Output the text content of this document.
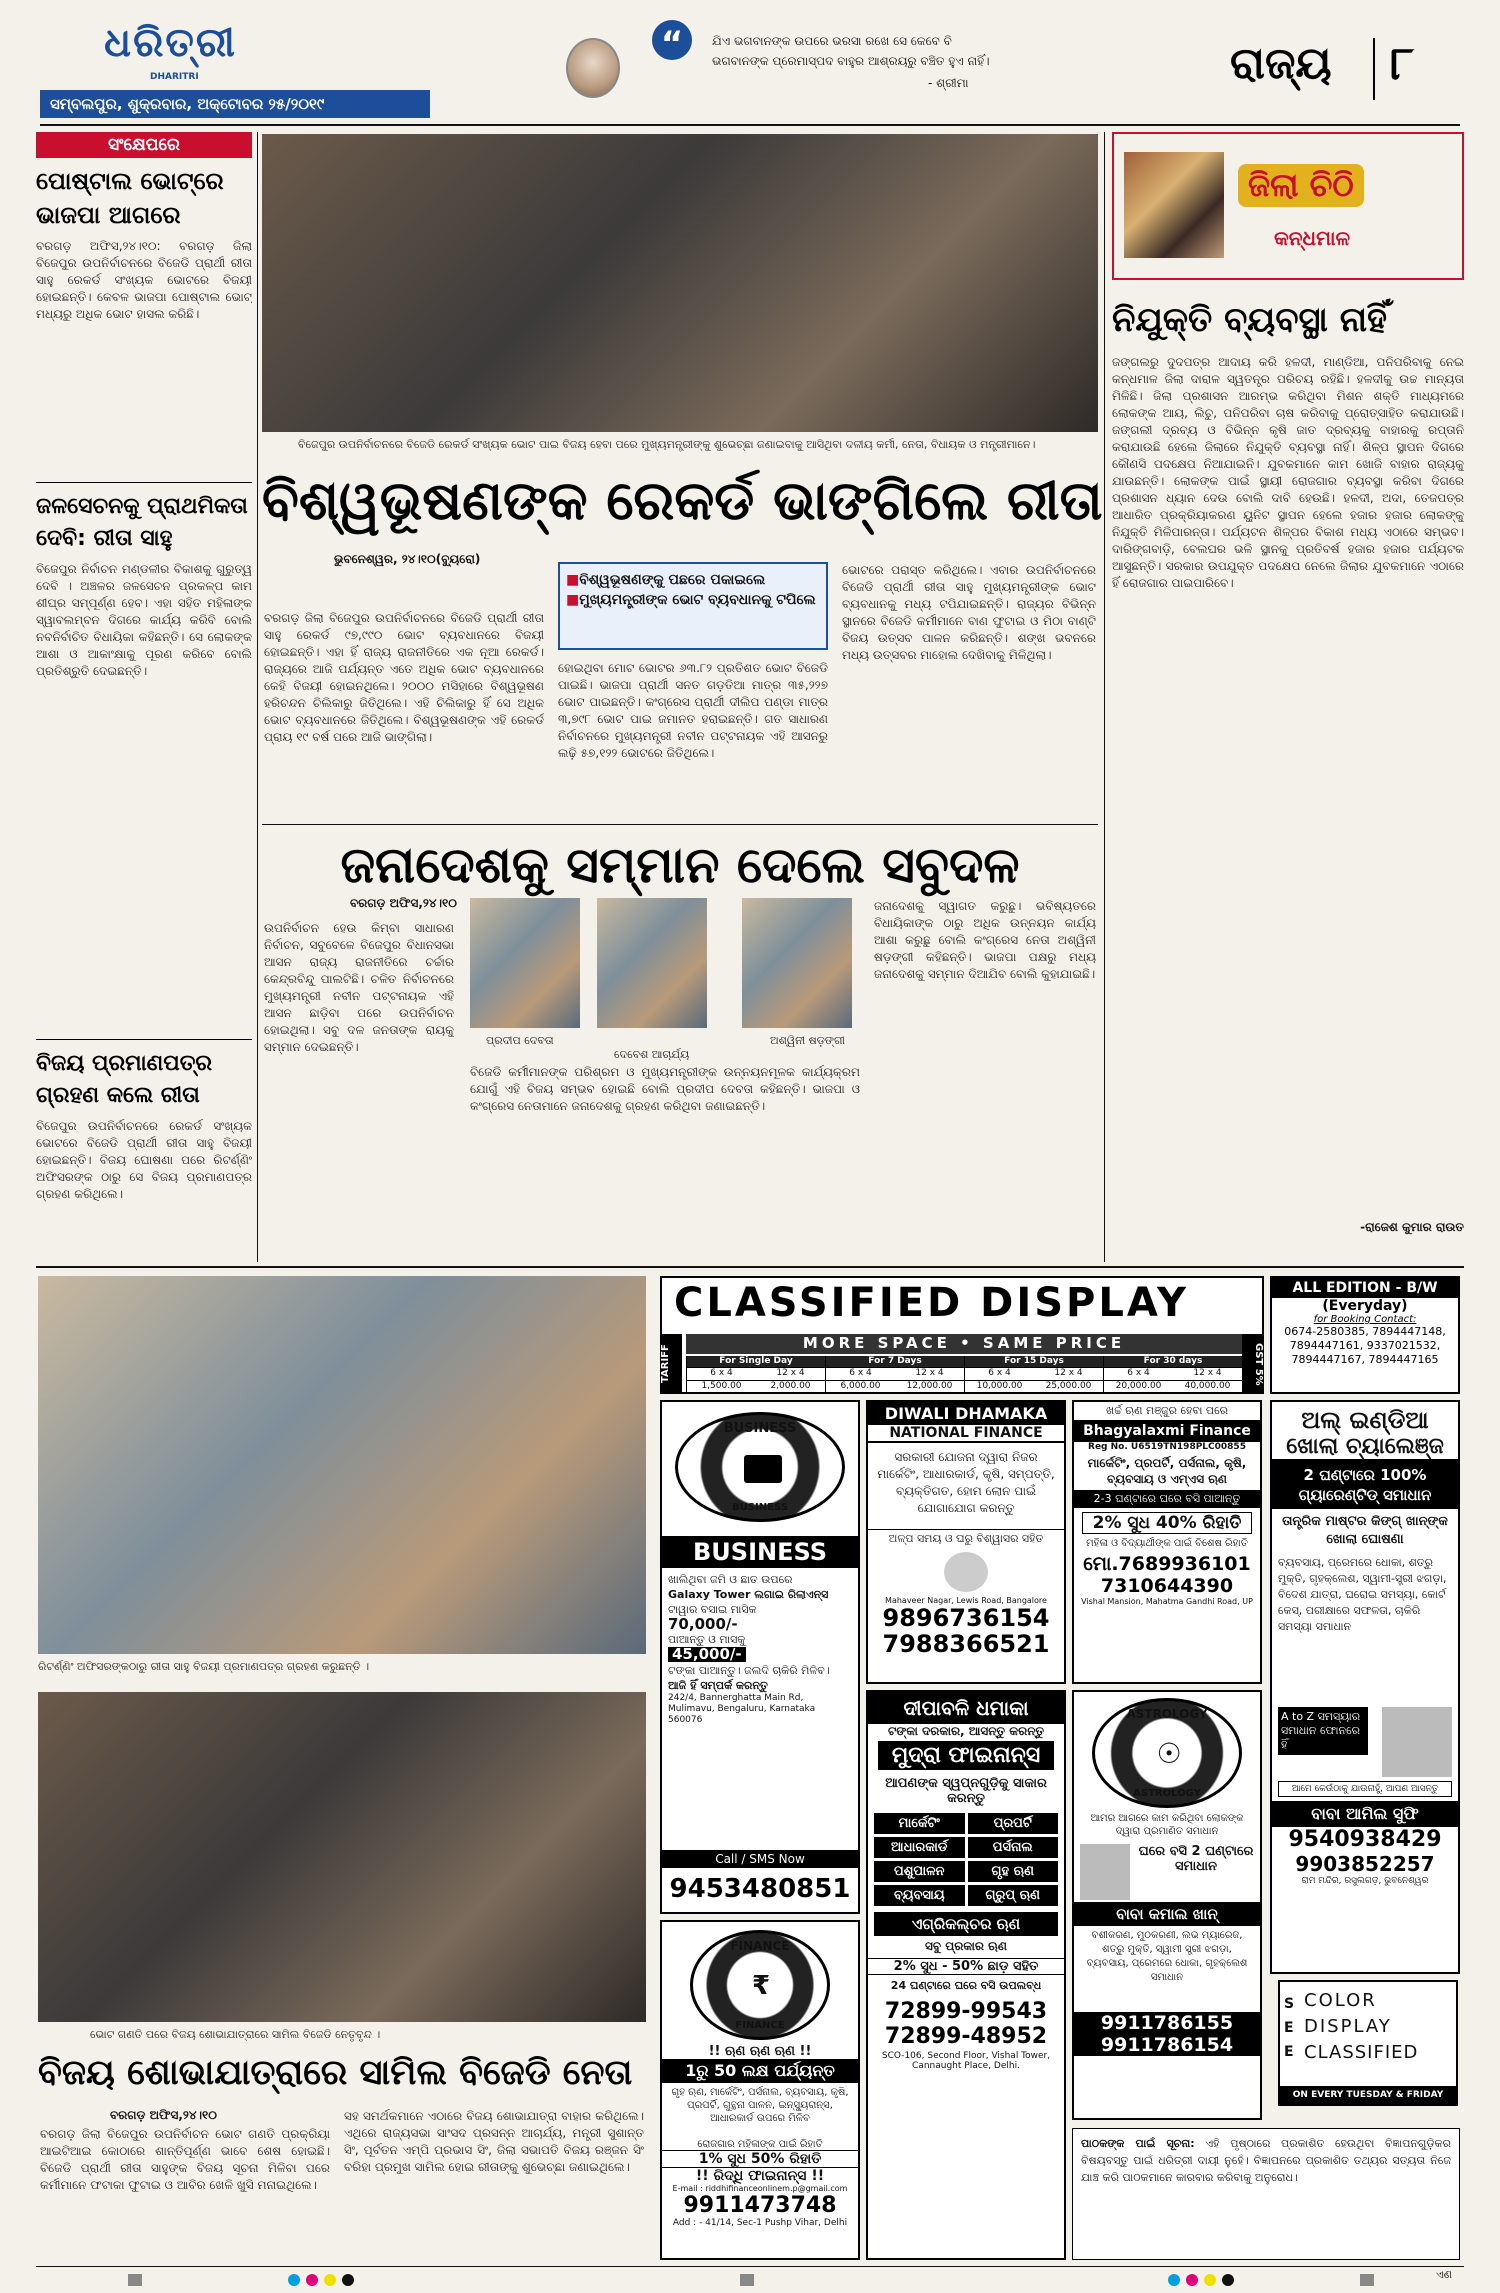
ଧରିତ୍ରୀ
DHARITRI
ସମ୍ବଲପୁର, ଶୁକ୍ରବାର, ଅକ୍ଟୋବର ୨୫/୨୦୧୯
“	ଯିଏ ଭଗବାନଙ୍କ ଉପରେ ଭରସା ରଖେ ସେ କେବେ ବି
ଭଗବାନଙ୍କ ପ୍ରେମାସ୍ପଦ ବାହୁର ଆଶ୍ରୟରୁ ବଞ୍ଚିତ ହୁଏ ନାହିଁ।
- ଶ୍ରୀମା	ରାଜ୍ୟ ୮
ସଂକ୍ଷେପରେ
ପୋଷ୍ଟାଲ ଭୋଟ୍‌ରେ ଭାଜପା ଆଗରେ
ବରଗଡ଼ ଅଫିସ,୨୪।୧୦: ବରଗଡ଼ ଜିଲା ବିଜେପୁର ଉପନିର୍ବାଚନରେ ବିଜେଡି ପ୍ରାର୍ଥୀ ରୀତା ସାହୁ ରେକର୍ଡ ସଂଖ୍ୟକ ଭୋଟରେ ବିଜୟୀ ହୋଇଛନ୍ତି। କେବଳ ଭାଜପା ପୋଷ୍ଟାଲ ଭୋଟ୍ ମଧ୍ୟରୁ ଅଧିକ ଭୋଟ ହାସଲ କରିଛି।
ଜଳସେଚନକୁ ପ୍ରାଥମିକତା ଦେବି: ରୀତା ସାହୁ
ବିଜେପୁର ନିର୍ବାଚନ ମଣ୍ଡଳୀର ବିକାଶକୁ ଗୁରୁତ୍ୱ ଦେବି । ଅଞ୍ଚଳର ଜଳସେଚନ ପ୍ରକଳ୍ପ କାମ ଶୀଘ୍ର ସମ୍ପୂର୍ଣ୍ଣ ହେବ। ଏହା ସହିତ ମହିଳାଙ୍କ ସ୍ୱାବଲମ୍ବନ ଦିଗରେ କାର୍ଯ୍ୟ କରିବି ବୋଲି ନବନିର୍ବାଚିତ ବିଧାୟିକା କହିଛନ୍ତି। ସେ ଲୋକଙ୍କ ଆଶା ଓ ଆକାଂକ୍ଷାକୁ ପୂରଣ କରିବେ ବୋଲି ପ୍ରତିଶ୍ରୁତି ଦେଇଛନ୍ତି।
ବିଜୟ ପ୍ରମାଣପତ୍ର ଗ୍ରହଣ କଲେ ରୀତା
ବିଜେପୁର ଉପନିର୍ବାଚନରେ ରେକର୍ଡ ସଂଖ୍ୟକ ଭୋଟରେ ବିଜେଡି ପ୍ରାର୍ଥୀ ରୀତା ସାହୁ ବିଜୟୀ ହୋଇଛନ୍ତି। ବିଜୟ ଘୋଷଣା ପରେ ରିଟର୍ଣ୍ଣିଂ ଅଫିସରଙ୍କ ଠାରୁ ସେ ବିଜୟ ପ୍ରମାଣପତ୍ର ଗ୍ରହଣ କରିଥିଲେ।
ବିଜେପୁର ଉପନିର୍ବାଚନରେ ବିଜେଡି ରେକର୍ଡ ସଂଖ୍ୟକ ଭୋଟ ପାଇ ବିଜୟ ହେବା ପରେ ମୁଖ୍ୟମନ୍ତ୍ରୀଙ୍କୁ ଶୁଭେଚ୍ଛା ଜଣାଇବାକୁ ଆସିଥିବା ଦଳୀୟ କର୍ମୀ, ନେତା, ବିଧାୟକ ଓ ମନ୍ତ୍ରୀମାନେ।
ବିଶ୍ୱଭୂଷଣଙ୍କ ରେକର୍ଡ ଭାଙ୍ଗିଲେ ରୀତା
ଭୁବନେଶ୍ୱର, ୨୪।୧୦(ବ୍ୟୁରୋ)
■ବିଶ୍ୱଭୂଷଣଙ୍କୁ ପଛରେ ପକାଇଲେ
■ମୁଖ୍ୟମନ୍ତ୍ରୀଙ୍କ ଭୋଟ ବ୍ୟବଧାନକୁ ଟପିଲେ
ବରଗଡ଼ ଜିଲା ବିଜେପୁର ଉପନିର୍ବାଚନରେ ବିଜେଡି ପ୍ରାର୍ଥୀ ରୀତା ସାହୁ ରେକର୍ଡ ୯୭,୯୯୦ ଭୋଟ ବ୍ୟବଧାନରେ ବିଜୟୀ ହୋଇଛନ୍ତି। ଏହା ହିଁ ରାଜ୍ୟ ରାଜନୀତିରେ ଏକ ନୂଆ ରେକର୍ଡ। ରାଜ୍ୟରେ ଆଜି ପର୍ଯ୍ୟନ୍ତ ଏତେ ଅଧିକ ଭୋଟ ବ୍ୟବଧାନରେ କେହି ବିଜୟୀ ହୋଇନଥିଲେ। ୨୦୦୦ ମସିହାରେ ବିଶ୍ୱଭୂଷଣ ହରିଚନ୍ଦନ ଚିଲିକାରୁ ଜିତିଥିଲେ। ଏହି ଚିଲିକାରୁ ହିଁ ସେ ଅଧିକ ଭୋଟ ବ୍ୟବଧାନରେ ଜିତିଥିଲେ। ବିଶ୍ୱଭୂଷଣଙ୍କ ଏହି ରେକର୍ଡ ପ୍ରାୟ ୧୯ ବର୍ଷ ପରେ ଆଜି ଭାଙ୍ଗିଲା।
ହୋଇଥିବା ମୋଟ ଭୋଟର ୬୩.୮୨ ପ୍ରତିଶତ ଭୋଟ ବିଜେଡି ପାଇଛି। ଭାଜପା ପ୍ରାର୍ଥୀ ସନତ ଗଡ଼ତିଆ ମାତ୍ର ୩୫,୨୨୭ ଭୋଟ ପାଇଛନ୍ତି। କଂଗ୍ରେସ ପ୍ରାର୍ଥୀ ଦୀଲିପ ପଣ୍ଡା ମାତ୍ର ୩,୭୯୮ ଭୋଟ ପାଇ ଜମାନତ ହରାଇଛନ୍ତି। ଗତ ସାଧାରଣ ନିର୍ବାଚନରେ ମୁଖ୍ୟମନ୍ତ୍ରୀ ନବୀନ ପଟ୍ଟନାୟକ ଏହି ଆସନରୁ ଲଢ଼ି ୫୭,୧୨୨ ଭୋଟରେ ଜିତିଥିଲେ।
ଭୋଟରେ ପରାସ୍ତ କରିଥିଲେ। ଏବାର ଉପନିର୍ବାଚନରେ ବିଜେଡି ପ୍ରାର୍ଥୀ ରୀତା ସାହୁ ମୁଖ୍ୟମନ୍ତ୍ରୀଙ୍କ ଭୋଟ ବ୍ୟବଧାନକୁ ମଧ୍ୟ ଟପିଯାଇଛନ୍ତି। ରାଜ୍ୟର ବିଭିନ୍ନ ସ୍ଥାନରେ ବିଜେଡି କର୍ମୀମାନେ ବାଣ ଫୁଟାଇ ଓ ମିଠା ବାଣ୍ଟି ବିଜୟ ଉତ୍ସବ ପାଳନ କରିଛନ୍ତି। ଶଙ୍ଖ ଭବନରେ ମଧ୍ୟ ଉତ୍ସବର ମାହୋଲ ଦେଖିବାକୁ ମିଳିଥିଲା।
ଜନାଦେଶକୁ ସମ୍ମାନ ଦେଲେ ସବୁଦଳ
ବରଗଡ଼ ଅଫିସ,୨୪।୧୦
ଉପନିର୍ବାଚନ ହେଉ କିମ୍ବା ସାଧାରଣ ନିର୍ବାଚନ, ସବୁବେଳେ ବିଜେପୁର ବିଧାନସଭା ଆସନ ରାଜ୍ୟ ରାଜନୀତିରେ ଚର୍ଚ୍ଚାର କେନ୍ଦ୍ରବିନ୍ଦୁ ପାଲଟିଛି। ଚଳିତ ନିର୍ବାଚନରେ ମୁଖ୍ୟମନ୍ତ୍ରୀ ନବୀନ ପଟ୍ଟନାୟକ ଏହି ଆସନ ଛାଡ଼ିବା ପରେ ଉପନିର୍ବାଚନ ହୋଇଥିଲା। ସବୁ ଦଳ ଜନତାଙ୍କ ରାୟକୁ ସମ୍ମାନ ଦେଇଛନ୍ତି।	ପ୍ରଦୀପ ଦେବତା
ଦେବେଶ ଆଚାର୍ଯ୍ୟ
ଅଶ୍ୱିନୀ ଷଡ଼ଙ୍ଗୀ
ବିଜେଡି କର୍ମୀମାନଙ୍କ ପରିଶ୍ରମ ଓ ମୁଖ୍ୟମନ୍ତ୍ରୀଙ୍କ ଉନ୍ନୟନମୂଳକ କାର୍ଯ୍ୟକ୍ରମ ଯୋଗୁଁ ଏହି ବିଜୟ ସମ୍ଭବ ହୋଇଛି ବୋଲି ପ୍ରଦୀପ ଦେବତା କହିଛନ୍ତି। ଭାଜପା ଓ କଂଗ୍ରେସ ନେତାମାନେ ଜନାଦେଶକୁ ଗ୍ରହଣ କରିଥିବା ଜଣାଇଛନ୍ତି।
ଜନାଦେଶକୁ ସ୍ୱାଗତ କରୁଛୁ। ଭବିଷ୍ୟତରେ ବିଧାୟିକାଙ୍କ ଠାରୁ ଅଧିକ ଉନ୍ନୟନ କାର୍ଯ୍ୟ ଆଶା କରୁଛୁ ବୋଲି କଂଗ୍ରେସ ନେତା ଅଶ୍ୱିନୀ ଷଡ଼ଙ୍ଗୀ କହିଛନ୍ତି। ଭାଜପା ପକ୍ଷରୁ ମଧ୍ୟ ଜନାଦେଶକୁ ସମ୍ମାନ ଦିଆଯିବ ବୋଲି କୁହାଯାଇଛି।
ଜିଲା ଚିଠି
କନ୍ଧମାଳ
ନିଯୁକ୍ତି ବ୍ୟବସ୍ଥା ନାହିଁ
ଜଙ୍ଗଲରୁ ଦୁଦପତ୍ର ଆଦାୟ କରି ହଳଦୀ, ମାଣ୍ଡିଆ, ପନିପରିବାକୁ ନେଇ କନ୍ଧମାଳ ଜିଲା ଦାରାଳ ସ୍ୱତନ୍ତ୍ର ପରିଚୟ ରହିଛି। ହଳଦୀକୁ ଉଚ୍ଚ ମାନ୍ୟତା ମିଳିଛି। ଜିଲା ପ୍ରଶାସନ ଆରମ୍ଭ କରିଥିବା ମିଶନ ଶକ୍ତି ମାଧ୍ୟମରେ ଲୋକଙ୍କ ଆୟ, ଲିଚୁ, ପନିପରିବା ଚାଷ କରିବାକୁ ପ୍ରୋତ୍ସାହିତ କରାଯାଉଛି। ଜଙ୍ଗଲୀ ଦ୍ରବ୍ୟ ଓ ବିଭିନ୍ନ କୃଷି ଜାତ ଦ୍ରବ୍ୟକୁ ବାହାରକୁ ରପ୍ତାନି କରାଯାଉଛି ହେଲେ ଜିଲାରେ ନିଯୁକ୍ତି ବ୍ୟବସ୍ଥା ନାହିଁ। ଶିଳ୍ପ ସ୍ଥାପନ ଦିଗରେ କୌଣସି ପଦକ୍ଷେପ ନିଆଯାଇନି। ଯୁବକମାନେ କାମ ଖୋଜି ବାହାର ରାଜ୍ୟକୁ ଯାଉଛନ୍ତି। ଲୋକଙ୍କ ପାଇଁ ସ୍ଥାୟୀ ରୋଜଗାର ବ୍ୟବସ୍ଥା କରିବା ଦିଗରେ ପ୍ରଶାସନ ଧ୍ୟାନ ଦେଉ ବୋଲି ଦାବି ହେଉଛି। ହଳଦୀ, ଅଦା, ତେଜପତ୍ର ଆଧାରିତ ପ୍ରକ୍ରିୟାକରଣ ୟୁନିଟ ସ୍ଥାପନ ହେଲେ ହଜାର ହଜାର ଲୋକଙ୍କୁ ନିଯୁକ୍ତି ମିଳିପାରନ୍ତା। ପର୍ଯ୍ୟଟନ ଶିଳ୍ପର ବିକାଶ ମଧ୍ୟ ଏଠାରେ ସମ୍ଭବ। ଦାରିଙ୍ଗବାଡ଼ି, ବେଲଘର ଭଳି ସ୍ଥାନକୁ ପ୍ରତିବର୍ଷ ହଜାର ହଜାର ପର୍ଯ୍ୟଟକ ଆସୁଛନ୍ତି। ସରକାର ଉପଯୁକ୍ତ ପଦକ୍ଷେପ ନେଲେ ଜିଲାର ଯୁବକମାନେ ଏଠାରେ ହିଁ ରୋଜଗାର ପାଇପାରିବେ।
-ରାଜେଶ କୁମାର ରାଉତ
ରିଟର୍ଣ୍ଣିଂ ଅଫିସରଙ୍କଠାରୁ ରୀତା ସାହୁ ବିଜୟୀ ପ୍ରମାଣପତ୍ର ଗ୍ରହଣ କରୁଛନ୍ତି ।
ଭୋଟ ଗଣତି ପରେ ବିଜୟ ଶୋଭାଯାତ୍ରାରେ ସାମିଲ ବିଜେଡି ନେତୃବୃନ୍ଦ ।
ବିଜୟ ଶୋଭାଯାତ୍ରାରେ ସାମିଲ ବିଜେଡି ନେତା
ବରଗଡ଼ ଅଫିସ,୨୪।୧୦
ବରଗଡ଼ ଜିଲା ବିଜେପୁର ଉପନିର୍ବାଚନ ଭୋଟ ଗଣତି ପ୍ରକ୍ରିୟା ଆଇଟିଆଇ କୋଠାରେ ଶାନ୍ତିପୂର୍ଣ୍ଣ ଭାବେ ଶେଷ ହୋଇଛି। ବିଜେଡି ପ୍ରାର୍ଥୀ ରୀତା ସାହୁଙ୍କ ବିଜୟ ସୂଚନା ମିଳିବା ପରେ କର୍ମୀମାନେ ଫଟାକା ଫୁଟାଇ ଓ ଆବିର ଖେଳି ଖୁସି ମନାଇଥିଲେ।
ସହ ସମର୍ଥକମାନେ ଏଠାରେ ବିଜୟ ଶୋଭାଯାତ୍ରା ବାହାର କରିଥିଲେ। ଏଥିରେ ରାଜ୍ୟସଭା ସାଂସଦ ପ୍ରସନ୍ନ ଆଚାର୍ଯ୍ୟ, ମନ୍ତ୍ରୀ ସୁଶାନ୍ତ ସିଂ, ପୂର୍ବତନ ଏମ୍‌ପି ପ୍ରଭାସ ସିଂ, ଜିଲା ସଭାପତି ବିଜୟ ରଞ୍ଜନ ସିଂ ବରିହା ପ୍ରମୁଖ ସାମିଲ ହୋଇ ରୀତାଙ୍କୁ ଶୁଭେଚ୍ଛା ଜଣାଇଥିଲେ।
CLASSIFIED DISPLAY
TARIFF
MORE SPACE • SAME PRICE	GST 5%
For Single Day
6 x 4	12 x 4
1,500.00	2,000.00
For 7 Days
6 x 4	12 x 4
6,000.00	12,000.00
For 15 Days
6 x 4	12 x 4
10,000.00	25,000.00
For 30 days
6 x 4	12 x 4
20,000.00	40,000.00
ALL EDITION - B/W
(Everyday)
for Booking Contact:
0674-2580385, 7894447148, 7894447161, 9337021532, 7894447167, 7894447165
BUSINESS
BUSINESS
BUSINESS
ଖାଲିଥିବା ଜମି ଓ ଛାତ ଉପରେ
Galaxy Tower ଲଗାଇ ରିଲାଏନ୍ସ
ଟାୱାର ବସାଇ ମାସିକ
70,000/-
ପାଆନ୍ତୁ ଓ ମାସକୁ
45,000/-
ଟଙ୍କା ପାଆନ୍ତୁ। ଜଲଦି ଚାକିରି ମିଳିବ।
ଆଜି ହିଁ ସମ୍ପର୍କ କରନ୍ତୁ
242/4, Bannerghatta Main Rd, Mulimavu, Bengaluru, Karnataka 560076
Call / SMS Now
9453480851
FINANCE
₹
FINANCE
!! ଋଣ ଋଣ ଋଣ !!
1ରୁ 50 ଲକ୍ଷ ପର୍ଯ୍ୟନ୍ତ
ଗୃହ ଋଣ, ମାର୍କେଟିଂ, ପର୍ସନାଲ, ବ୍ୟବସାୟ, କୃଷି, ପ୍ରପର୍ଟି, ଗୁନ୍ଥନା ପାଳନ, ଇନ୍‌ସ୍ୟୁରାନ୍ସ, ଆଧାରକାର୍ଡ ଉପରେ ମିଳିବ
ରୋଜଗାର ମହିଳାଙ୍କ ପାଇଁ ରିହାତି
1% ସୁଧ 50% ରିହାତି
!! ରିଦ୍ଧି ଫାଇନାନ୍ସ !!
E-mail : riddhifinanceonlinem.p@gmail.com
9911473748
Add : - 41/14, Sec-1 Pushp Vihar, Delhi
DIWALI DHAMAKA
NATIONAL FINANCE
ସରକାରୀ ଯୋଜନା ଦ୍ୱାରା ନିଜର ମାର୍କେଟିଂ, ଆଧାରକାର୍ଡ, କୃଷି, ସମ୍ପତ୍ତି, ବ୍ୟକ୍ତିଗତ, ହୋମ ଲୋନ ପାଇଁ ଯୋଗାଯୋଗ କରନ୍ତୁ
ଅଳ୍ପ ସମୟ ଓ ଘରୁ ବିଶ୍ୱାସର ସହିତ
Mahaveer Nagar, Lewis Road, Bangalore
9896736154
7988366521
ଦୀପାବଳି ଧମାକା
ଟଙ୍କା ଦରକାର, ଆସନ୍ତୁ କରନ୍ତୁ
ମୁଦ୍ରା ଫାଇନାନ୍ସ
ଆପଣଙ୍କ ସ୍ୱପ୍ନଗୁଡ଼ିକୁ ସାକାର କରନ୍ତୁ
ମାର୍କେଟିଂ	ପ୍ରପର୍ଟି
ଆଧାରକାର୍ଡ	ପର୍ସନାଲ
ପଶୁପାଳନ	ଗୃହ ଋଣ
ବ୍ୟବସାୟ	ଗ୍ରୁପ୍ ଋଣ
ଏଗ୍ରିକଲ୍ଚର ଋଣ
ସବୁ ପ୍ରକାର ଋଣ
2% ସୁଧ - 50% ଛାଡ଼ ସହିତ
24 ଘଣ୍ଟାରେ ଘରେ ବସି ଉପଲବ୍ଧ
72899-99543
72899-48952
SCO-106, Second Floor, Vishal Tower, Cannaught Place, Delhi.
ଖର୍ଚ୍ଚ ଋଣ ମଞ୍ଜୁର ହେବା ପରେ
Bhagyalaxmi Finance
Reg No. U6519TN198PLC00855
ମାର୍କେଟିଂ, ପ୍ରପର୍ଟି, ପର୍ସନାଲ, କୃଷି, ବ୍ୟବସାୟ ଓ ଏମ୍‌ଏସ ଋଣ
2-3 ଘଣ୍ଟାରେ ଘରେ ବସି ପାଆନ୍ତୁ
2% ସୁଧ 40% ରିହାତି
ମହିଳା ଓ ବିଦ୍ୟାର୍ଥୀଙ୍କ ପାଇଁ ବିଶେଷ ରିହାତି
ମୋ.7689936101
7310644390
Vishal Mansion, Mahatma Gandhi Road, UP
ASTROLOGY
☉
ASTROLOGY
ଆମର ଆଗରେ କାମ କରିଥିବା ଲୋକଙ୍କ ଦ୍ୱାରା ପ୍ରମାଣିତ ସମାଧାନ
ଘରେ ବସି 2 ଘଣ୍ଟାରେ ସମାଧାନ
ବାବା କମାଲ ଖାନ୍
ବଶୀକରଣ, ମୁଠକରଣୀ, ଲଭ ମ୍ୟାରେଜ, ଶତ୍ରୁ ମୁକ୍ତି, ସ୍ୱାମୀ ସ୍ତ୍ରୀ ଝଗଡ଼ା, ବ୍ୟବସାୟ, ପ୍ରେମରେ ଧୋକା, ଗୃହକ୍ଲେଶ ସମାଧାନ
9911786155
9911786154
ଅଲ୍ ଇଣ୍ଡିଆ
ଖୋଲା ଚ୍ୟାଲେଞ୍ଜ
2 ଘଣ୍ଟାରେ 100% ଗ୍ୟାରେଣ୍ଟିଡ୍ ସମାଧାନ
ତାନ୍ତ୍ରିକ ମାଷ୍ଟର କିଙ୍ଗ୍ ଖାନ୍‌ଙ୍କ ଖୋଲା ଘୋଷଣା
ବ୍ୟବସାୟ, ପ୍ରେମରେ ଧୋକା, ଶତ୍ରୁ ମୁକ୍ତି, ଗୃହକ୍ଲେଶ, ସ୍ୱାମୀ-ସ୍ତ୍ରୀ ଝଗଡ଼ା, ବିଦେଶ ଯାତ୍ରା, ଘରୋଇ ସମସ୍ୟା, କୋର୍ଟ କେସ୍, ପରୀକ୍ଷାରେ ସଫଳତା, ଚାକିରି ସମସ୍ୟା ସମାଧାନ
A to Z ସମସ୍ୟାର ସମାଧାନ ଫୋନରେ ହିଁ
ଆମେ କେଉଁଠାକୁ ଯାଉନାହୁଁ, ଆପଣ ଆସନ୍ତୁ
ବାବା ଆମିଲ ସୁଫି
9540938429
9903852257
ରାମ ମନ୍ଦିର, ରସୁଲଗଡ଼, ଭୁବନେଶ୍ୱର
SEE
COLOR
DISPLAY
CLASSIFIED
ON EVERY TUESDAY & FRIDAY
ପାଠକଙ୍କ ପାଇଁ ସୂଚନା: ଏହି ପୃଷ୍ଠାରେ ପ୍ରକାଶିତ ହେଉଥିବା ବିଜ୍ଞାପନଗୁଡ଼ିକର ବିଷୟବସ୍ତୁ ପାଇଁ ଧରିତ୍ରୀ ଦାୟୀ ନୁହେଁ। ବିଜ୍ଞାପନରେ ପ୍ରକାଶିତ ତଥ୍ୟର ସତ୍ୟତା ନିଜେ ଯାଞ୍ଚ କରି ପାଠକମାନେ କାରବାର କରିବାକୁ ଅନୁରୋଧ।
ଏଣ
